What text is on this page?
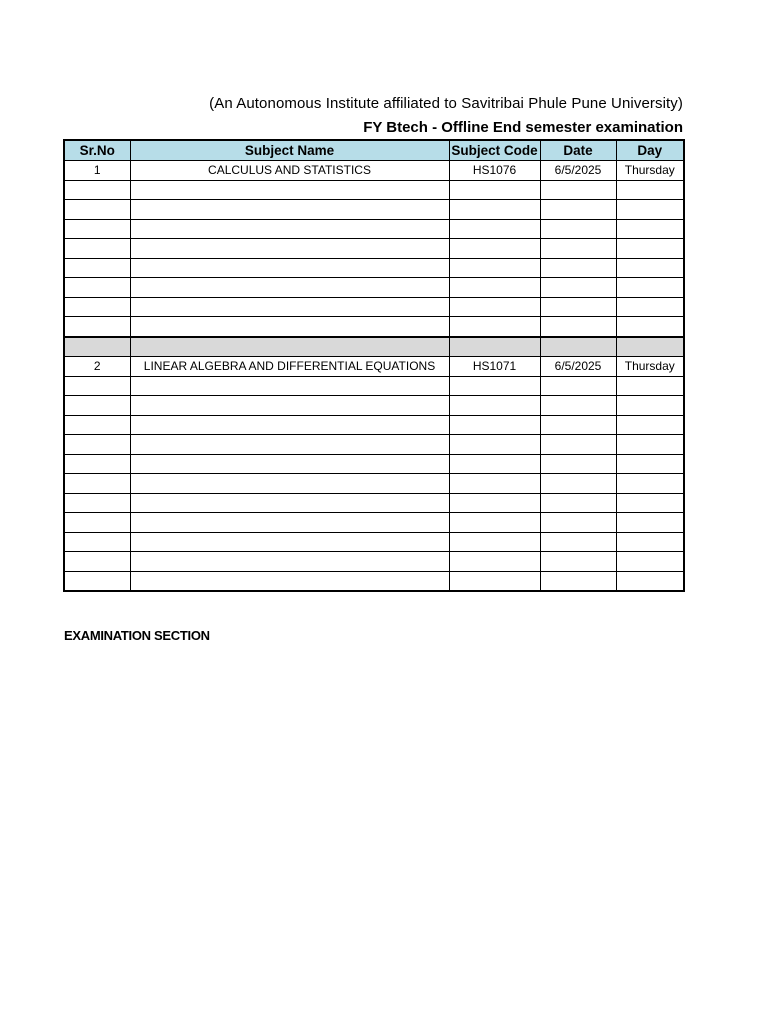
(An Autonomous Institute affiliated to Savitribai Phule Pune University)
FY Btech - Offline End semester examination
Sr.No	Subject Name	Subject Code	Date	Day
1	CALCULUS AND STATISTICS	HS1076	6/5/2025	Thursday

2	LINEAR ALGEBRA AND DIFFERENTIAL EQUATIONS	HS1071	6/5/2025	Thursday

EXAMINATION SECTION
